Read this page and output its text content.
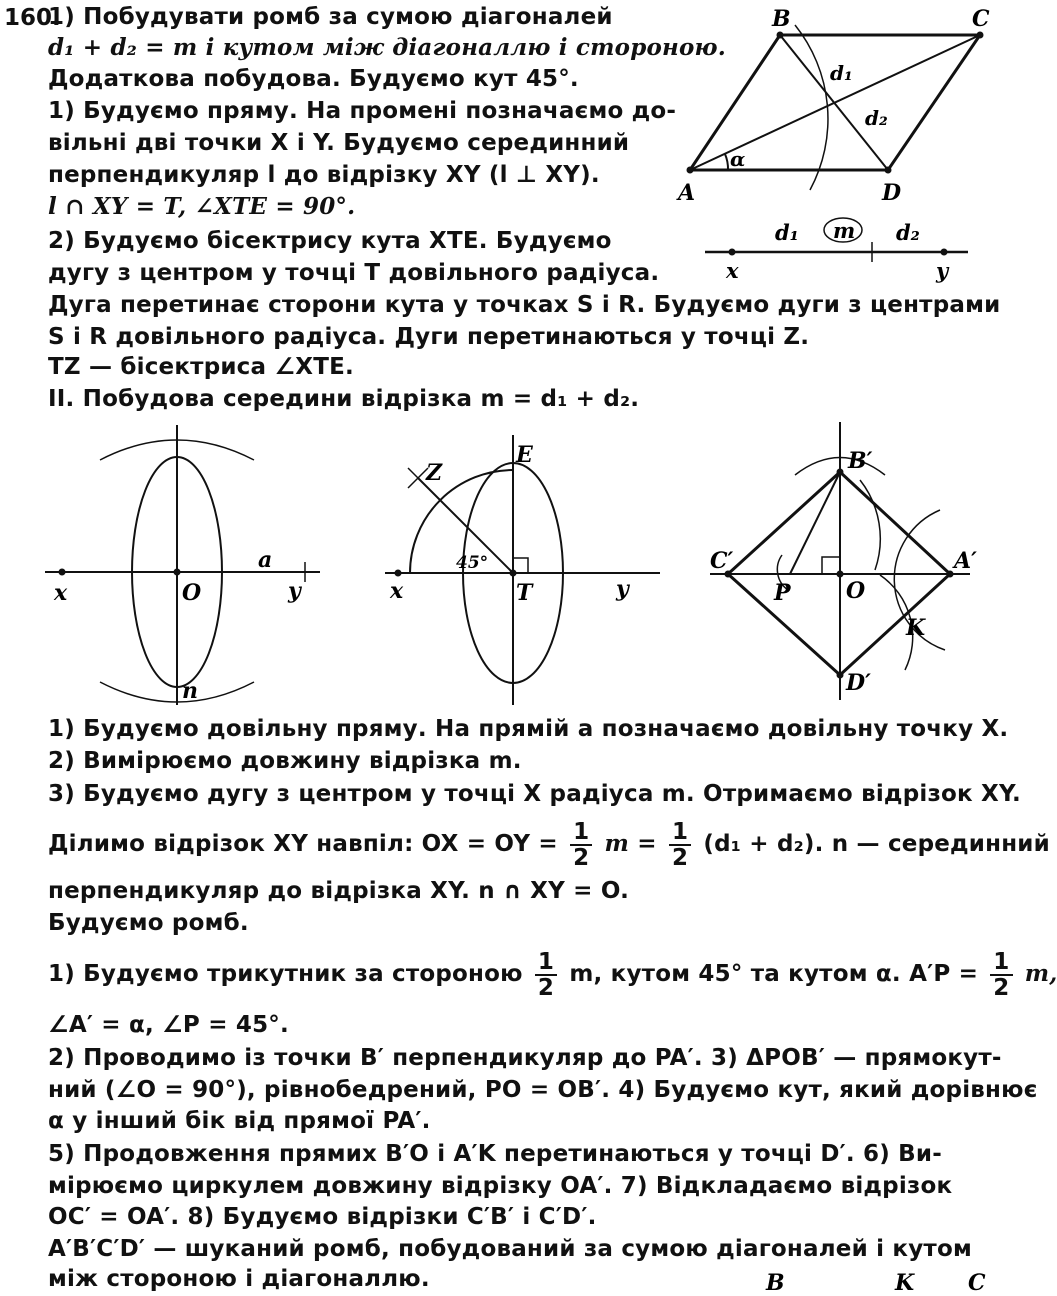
160.
1) Побудувати ромб за сумою діагоналей
d₁ + d₂ = m і кутом між діагоналлю і стороною.
Додаткова побудова. Будуємо кут 45°.
1) Будуємо пряму. На промені позначаємо до-
вільні дві точки X і Y. Будуємо серединний
перпендикуляр l до відрізку XY (l ⊥ XY).
l ∩ XY = T, ∠XTE = 90°.
2) Будуємо бісектрису кута XTE. Будуємо
дугу з центром у точці T довільного радіуса.
Дуга перетинає сторони кута у точках S і R. Будуємо дуги з центрами
S і R довільного радіуса. Дуги перетинаються у точці Z.
TZ — бісектриса ∠XTE.
II. Побудова середини відрізка m = d₁ + d₂.
B	C
A	D
d₁
d₂
α
d₁ m d₂
x	y
x	O
a
y
n
Z
E
45°
x	T	y
B′
C′	A′
P	O
K
D′
1) Будуємо довільну пряму. На прямій a позначаємо довільну точку X.
2) Вимірюємо довжину відрізка m.
3) Будуємо дугу з центром у точці X радіуса m. Отримаємо відрізок XY.
Ділимо відрізок XY навпіл: OX = OY = $\frac{1}{2}$ $m = \frac{1}{2} (d_1 + d_2)$. n — серединний
перпендикуляр до відрізка XY. n ∩ XY = O.
Будуємо ромб.
1) Будуємо трикутник за стороною $\frac{1}{2} m$, кутом 45° та кутом α. $A'P = \frac{1}{2} m$,
∠A′ = α, ∠P = 45°.
2) Проводимо із точки B′ перпендикуляр до PA′. 3) ΔPOB′ — прямокут-
ний (∠O = 90°), рівнобедрений, PO = OB′. 4) Будуємо кут, який дорівнює
α у інший бік від прямої PA′.
5) Продовження прямих B′O і A′K перетинаються у точці D′. 6) Ви-
мірюємо циркулем довжину відрізку OA′. 7) Відкладаємо відрізок
OC′ = OA′. 8) Будуємо відрізки C′B′ і C′D′.
A′B′C′D′ — шуканий ромб, побудований за сумою діагоналей і кутом
між стороною і діагоналлю.	B	K C
